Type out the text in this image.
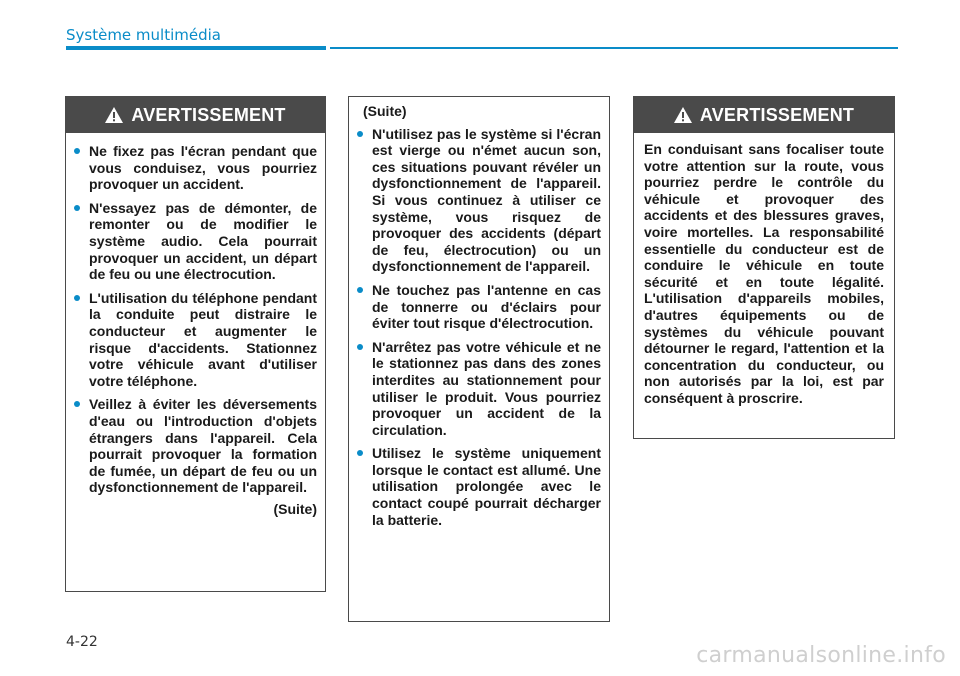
Système multimédia
AVERTISSEMENT
Ne fixez pas l'écran pendant que vous conduisez, vous pourriez provoquer un accident.
N'essayez pas de démonter, de remonter ou de modifier le système audio. Cela pourrait provoquer un accident, un départ de feu ou une électrocution.
L'utilisation du téléphone pendant la conduite peut distraire le conducteur et augmenter le risque d'accidents. Stationnez votre véhicule avant d'utiliser votre téléphone.
Veillez à éviter les déversements d'eau ou l'introduction d'objets étrangers dans l'appareil. Cela pourrait provoquer la formation de fumée, un départ de feu ou un dysfonctionnement de l'appareil.
(Suite)
(Suite)
N'utilisez pas le système si l'écran est vierge ou n'émet aucun son, ces situations pouvant révéler un dysfonctionnement de l'appareil. Si vous continuez à utiliser ce système, vous risquez de provoquer des accidents (départ de feu, électrocution) ou un dysfonctionnement de l'appareil.
Ne touchez pas l'antenne en cas de tonnerre ou d'éclairs pour éviter tout risque d'électrocution.
N'arrêtez pas votre véhicule et ne le stationnez pas dans des zones interdites au stationnement pour utiliser le produit. Vous pourriez provoquer un accident de la circulation.
Utilisez le système uniquement lorsque le contact est allumé. Une utilisation prolongée avec le contact coupé pourrait décharger la batterie.
AVERTISSEMENT
En conduisant sans focaliser toute votre attention sur la route, vous pourriez perdre le contrôle du véhicule et provoquer des accidents et des blessures graves, voire mortelles. La responsabilité essentielle du conducteur est de conduire le véhicule en toute sécurité et en toute légalité. L'utilisation d'appareils mobiles, d'autres équipements ou de systèmes du véhicule pouvant détourner le regard, l'attention et la concentration du conducteur, ou non autorisés par la loi, est par conséquent à proscrire.
4-22
carmanualsonline.info
